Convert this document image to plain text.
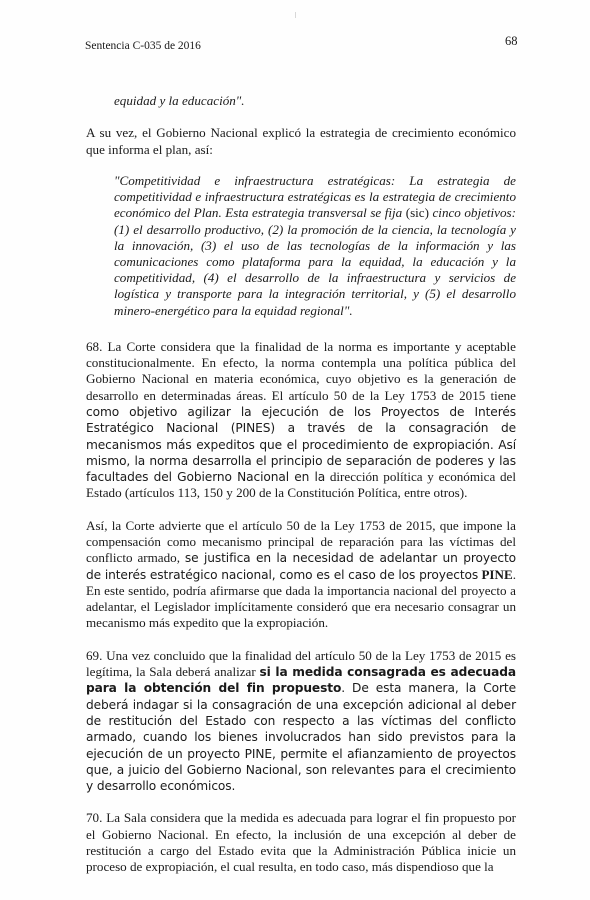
Sentencia C-035 de 2016	68

equidad y la educación".

A su vez, el Gobierno Nacional explicó la estrategia de crecimiento económico que informa el plan, así:

"Competitividad e infraestructura estratégicas: La estrategia de competitividad e infraestructura estratégicas es la estrategia de crecimiento económico del Plan. Esta estrategia transversal se fija (sic) cinco objetivos: (1) el desarrollo productivo, (2) la promoción de la ciencia, la tecnología y la innovación, (3) el uso de las tecnologías de la información y las comunicaciones como plataforma para la equidad, la educación y la competitividad, (4) el desarrollo de la infraestructura y servicios de logística y transporte para la integración territorial, y (5) el desarrollo minero-energético para la equidad regional".

68. La Corte considera que la finalidad de la norma es importante y aceptable constitucionalmente. En efecto, la norma contempla una política pública del Gobierno Nacional en materia económica, cuyo objetivo es la generación de desarrollo en determinadas áreas. El artículo 50 de la Ley 1753 de 2015 tiene como objetivo agilizar la ejecución de los Proyectos de Interés Estratégico Nacional (PINES) a través de la consagración de mecanismos más expeditos que el procedimiento de expropiación. Así mismo, la norma desarrolla el principio de separación de poderes y las facultades del Gobierno Nacional en la dirección política y económica del Estado (artículos 113, 150 y 200 de la Constitución Política, entre otros).

Así, la Corte advierte que el artículo 50 de la Ley 1753 de 2015, que impone la compensación como mecanismo principal de reparación para las víctimas del conflicto armado, se justifica en la necesidad de adelantar un proyecto de interés estratégico nacional, como es el caso de los proyectos PINE. En este sentido, podría afirmarse que dada la importancia nacional del proyecto a adelantar, el Legislador implícitamente consideró que era necesario consagrar un mecanismo más expedito que la expropiación.

69. Una vez concluido que la finalidad del artículo 50 de la Ley 1753 de 2015 es legítima, la Sala deberá analizar si la medida consagrada es adecuada para la obtención del fin propuesto. De esta manera, la Corte deberá indagar si la consagración de una excepción adicional al deber de restitución del Estado con respecto a las víctimas del conflicto armado, cuando los bienes involucrados han sido previstos para la ejecución de un proyecto PINE, permite el afianzamiento de proyectos que, a juicio del Gobierno Nacional, son relevantes para el crecimiento y desarrollo económicos.

70. La Sala considera que la medida es adecuada para lograr el fin propuesto por el Gobierno Nacional. En efecto, la inclusión de una excepción al deber de restitución a cargo del Estado evita que la Administración Pública inicie un proceso de expropiación, el cual resulta, en todo caso, más dispendioso que la
